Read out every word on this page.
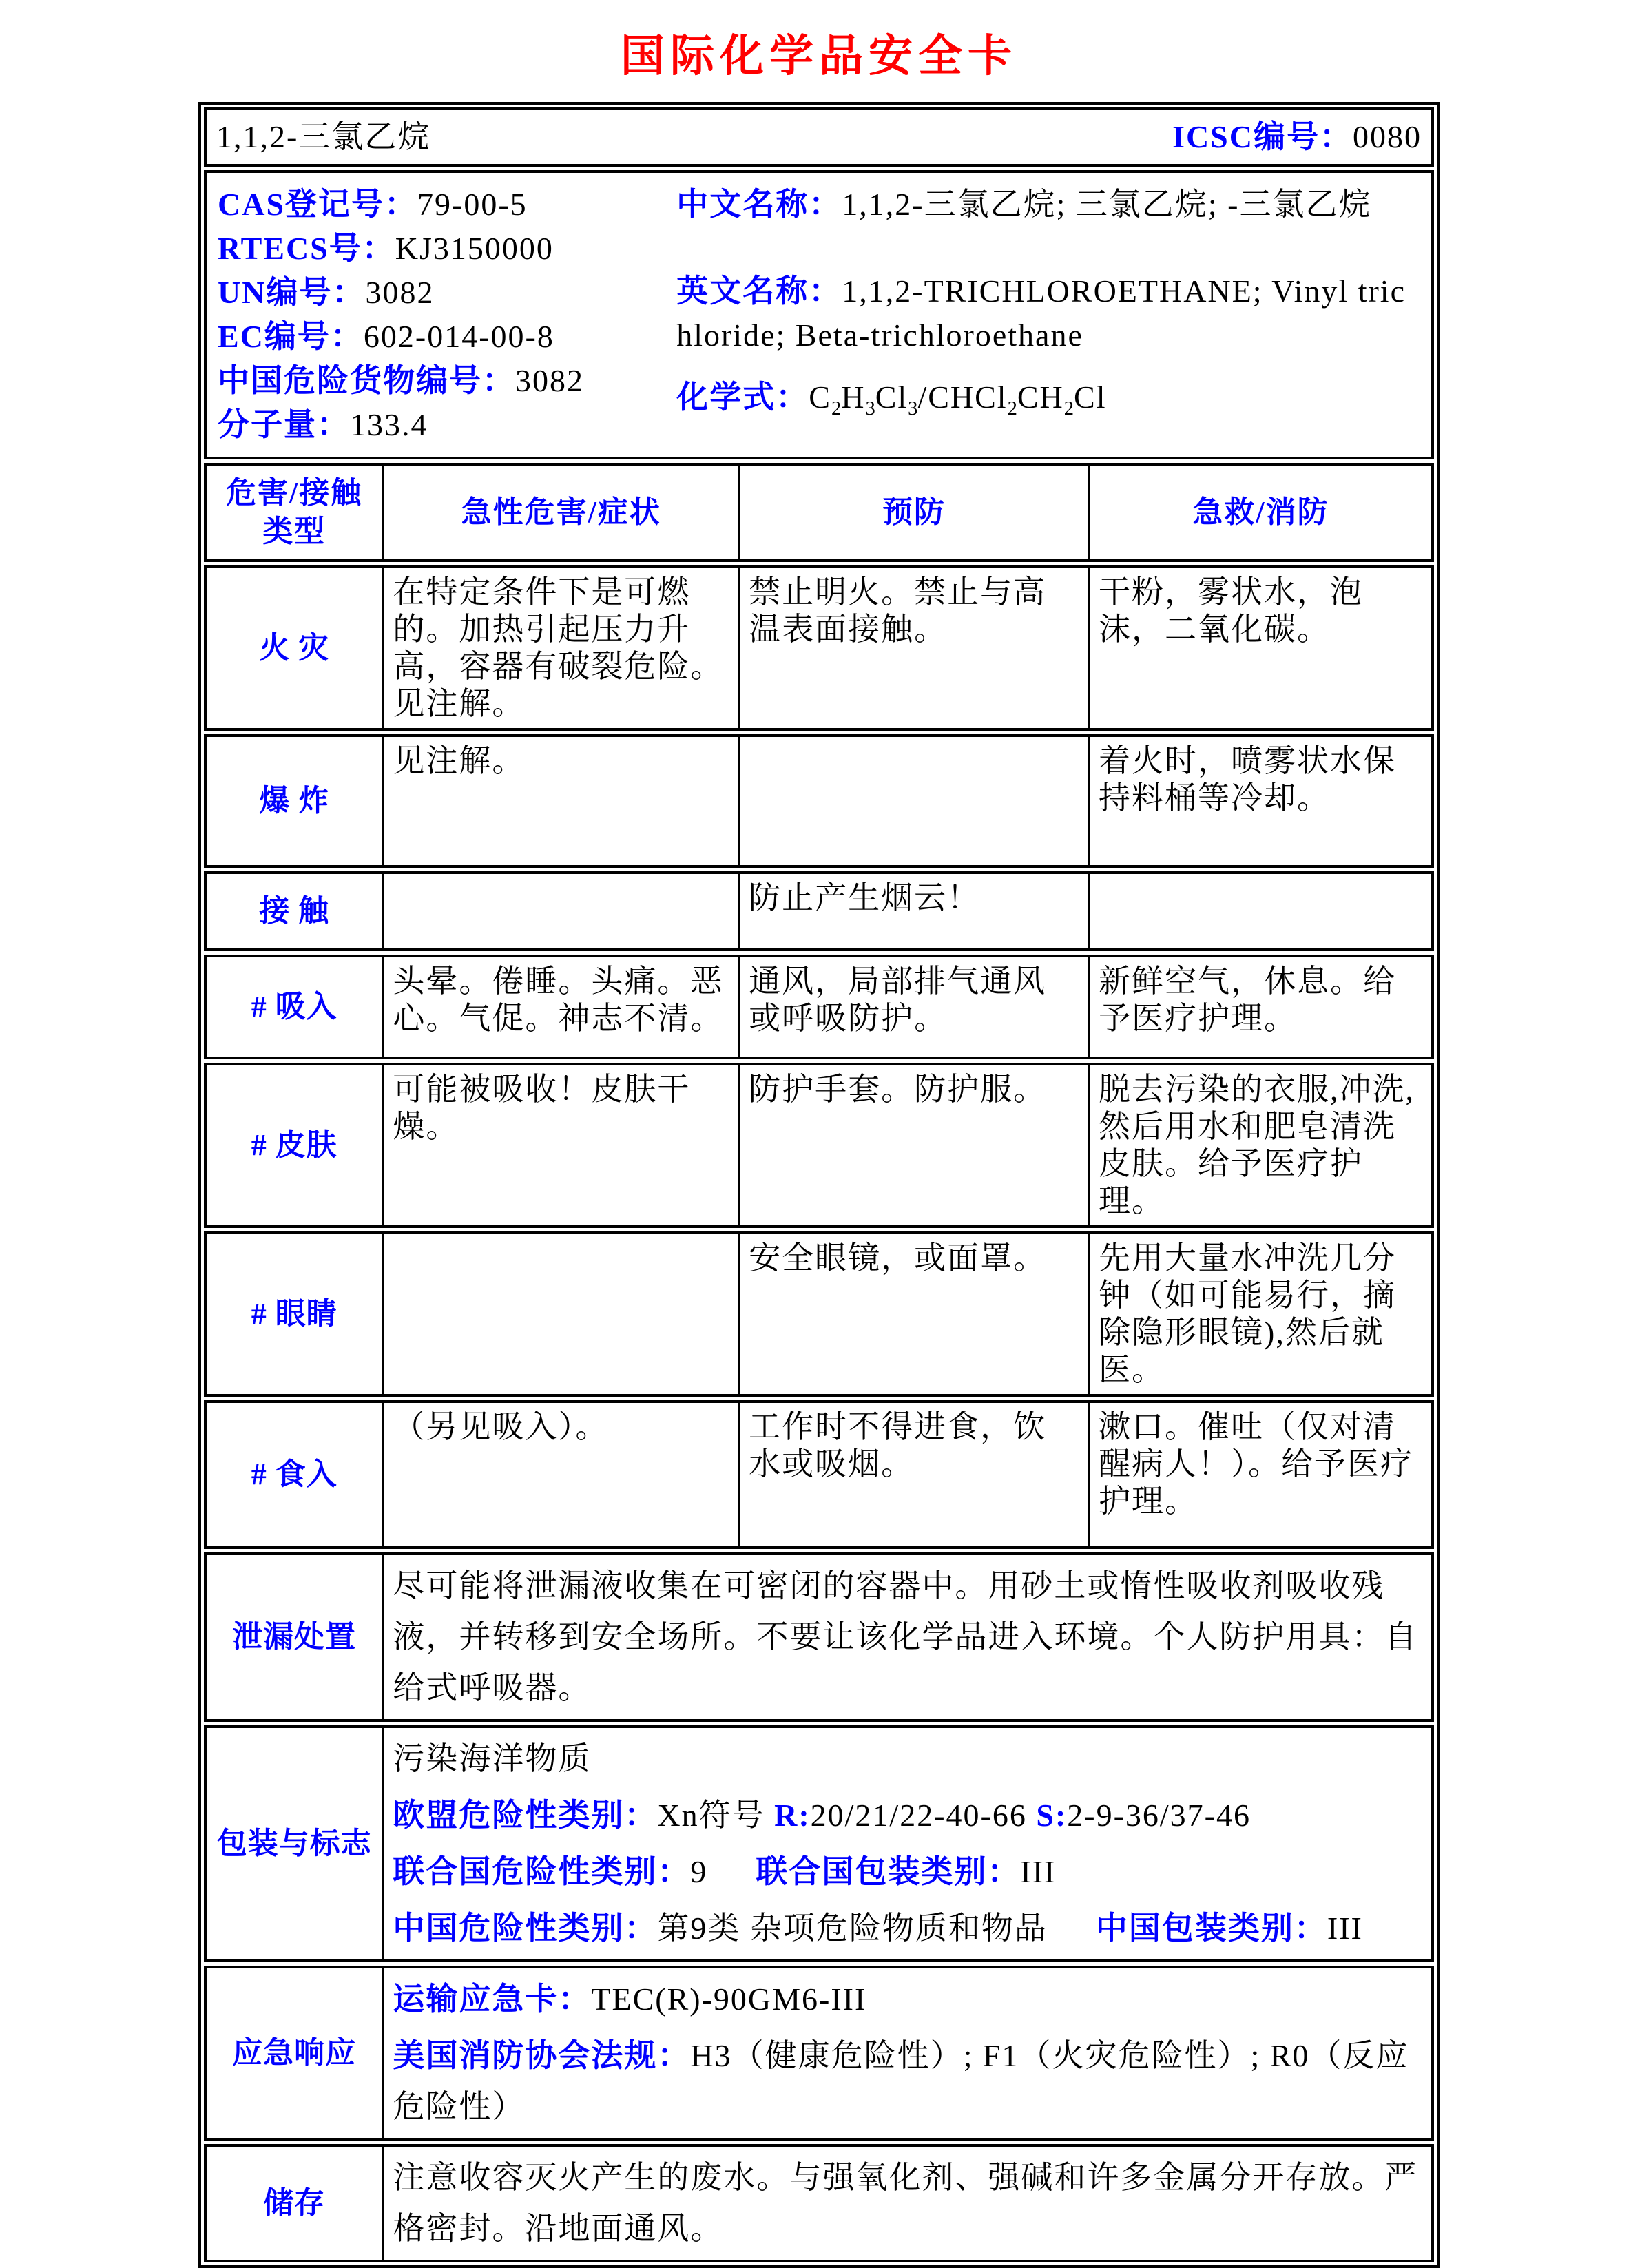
国际化学品安全卡
1,1,2-三氯乙烷	ICSC编号：0080
CAS登记号：79-00-5
RTECS号：KJ3150000
UN编号：3082
EC编号：602-014-00-8
中国危险货物编号：3082
分子量：133.4

中文名称：1,1,2-三氯乙烷; 三氯乙烷; -三氯乙烷

英文名称：1,1,2-TRICHLOROETHANE; Vinyl trichloride; Beta-trichloroethane

化学式：$C_2H_3Cl_3/CHCl_2CH_2Cl$

危害/接触类型	急性危害/症状	预防	急救/消防
火 灾	在特定条件下是可燃的。加热引起压力升高，容器有破裂危险。见注解。	禁止明火。禁止与高温表面接触。	干粉，雾状水，泡沫，二氧化碳。
爆 炸	见注解。		着火时，喷雾状水保持料桶等冷却。
接 触		防止产生烟云！	
# 吸入	头晕。倦睡。头痛。恶心。气促。神志不清。	通风，局部排气通风或呼吸防护。	新鲜空气，休息。给予医疗护理。
# 皮肤	可能被吸收！皮肤干燥。	防护手套。防护服。	脱去污染的衣服,冲洗,然后用水和肥皂清洗皮肤。给予医疗护理。
# 眼睛		安全眼镜，或面罩。	先用大量水冲洗几分钟（如可能易行，摘除隐形眼镜),然后就医。
# 食入	（另见吸入）。	工作时不得进食，饮水或吸烟。	漱口。催吐（仅对清醒病人！）。给予医疗护理。
泄漏处置	尽可能将泄漏液收集在可密闭的容器中。用砂土或惰性吸收剂吸收残液，并转移到安全场所。不要让该化学品进入环境。个人防护用具：自给式呼吸器。
包装与标志	

污染海洋物质

欧盟危险性类别：Xn符号 R:20/21/22-40-66 S:2-9-36/37-46

联合国危险性类别：9 联合国包装类别：III

中国危险性类别：第9类 杂项危险物质和物品 中国包装类别：III

应急响应	

运输应急卡：TEC(R)-90GM6-III

美国消防协会法规：H3（健康危险性）; F1（火灾危险性）; R0（反应危险性）

储存	注意收容灭火产生的废水。与强氧化剂、强碱和许多金属分开存放。严格密封。沿地面通风。
